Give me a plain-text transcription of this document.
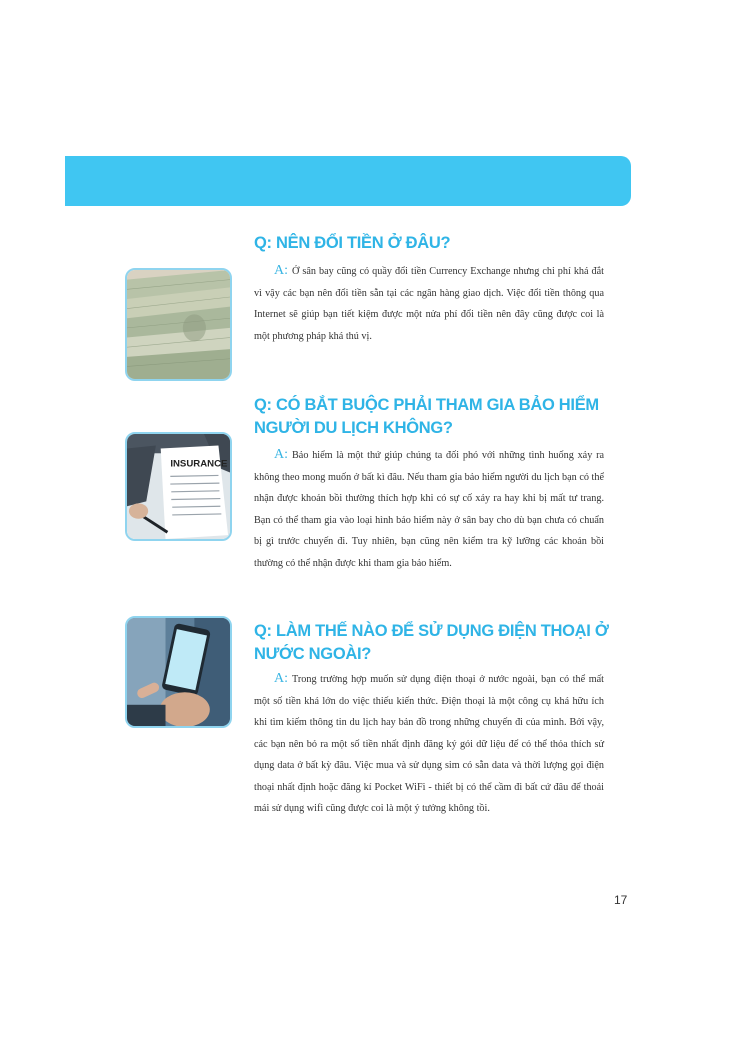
Q: NÊN ĐỔI TIỀN Ở ĐÂU?

A: Ở sân bay cũng có quầy đổi tiền Currency Exchange nhưng chi phí khá đắt vì vậy các bạn nên đổi tiền sẵn tại các ngân hàng giao dịch. Việc đổi tiền thông qua Internet sẽ giúp bạn tiết kiệm được một nửa phí đổi tiền nên đây cũng được coi là một phương pháp khá thú vị.

Q: CÓ BẮT BUỘC PHẢI THAM GIA BẢO HIỂM NGƯỜI DU LỊCH KHÔNG?
INSURANCE

A: Bảo hiểm là một thứ giúp chúng ta đối phó với những tình huống xảy ra không theo mong muốn ở bất kì đâu. Nếu tham gia bảo hiểm người du lịch bạn có thể nhận được khoản bồi thường thích hợp khi có sự cố xảy ra hay khi bị mất tư trang. Bạn có thể tham gia vào loại hình bảo hiểm này ở sân bay cho dù bạn chưa có chuẩn bị gì trước chuyến đi. Tuy nhiên, bạn cũng nên kiểm tra kỹ lưỡng các khoản bồi thường có thể nhận được khi tham gia bảo hiểm.

Q: LÀM THẾ NÀO ĐỂ SỬ DỤNG ĐIỆN THOẠI Ở NƯỚC NGOÀI?

A: Trong trường hợp muốn sử dụng điện thoại ở nước ngoài, bạn có thể mất một số tiền khá lớn do việc thiếu kiến thức. Điện thoại là một công cụ khá hữu ích khi tìm kiếm thông tin du lịch hay bản đồ trong những chuyến đi của mình. Bởi vậy, các bạn nên bỏ ra một số tiền nhất định đăng ký gói dữ liệu để có thể thỏa thích sử dụng data ở bất kỳ đâu. Việc mua và sử dụng sim có sẵn data và thời lượng gọi điện thoại nhất định hoặc đăng kí Pocket WiFi - thiết bị có thể cầm đi bất cứ đâu để thoải mái sử dụng wifi cũng được coi là một ý tưởng không tồi.

17
